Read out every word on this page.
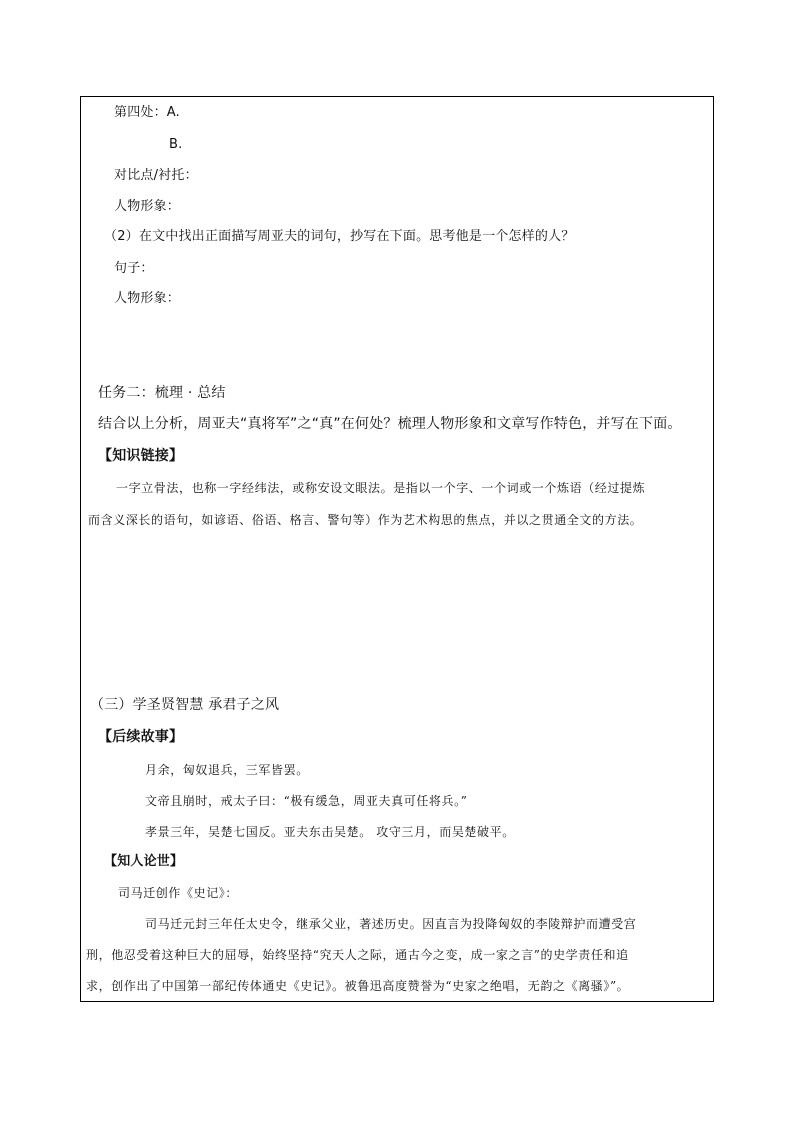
第四处：A.
B.
对比点/衬托：
人物形象：
（2）在文中找出正面描写周亚夫的词句，抄写在下面。思考他是一个怎样的人？
句子：
人物形象：
任务二：梳理 · 总结
结合以上分析，周亚夫“真将军”之“真”在何处？梳理人物形象和文章写作特色，并写在下面。
【知识链接】
一字立骨法，也称一字经纬法，或称安设文眼法。是指以一个字、一个词或一个炼语（经过提炼
而含义深长的语句，如谚语、俗语、格言、警句等）作为艺术构思的焦点，并以之贯通全文的方法。
（三）学圣贤智慧 承君子之风
【后续故事】
月余，匈奴退兵，三军皆罢。
文帝且崩时，戒太子曰：“极有缓急，周亚夫真可任将兵。”
孝景三年，吴楚七国反。亚夫东击吴楚。 攻守三月，而吴楚破平。
【知人论世】
司马迁创作《史记》：
司马迁元封三年任太史令，继承父业，著述历史。因直言为投降匈奴的李陵辩护而遭受宫
刑，他忍受着这种巨大的屈辱，始终坚持“究天人之际，通古今之变，成一家之言”的史学责任和追
求，创作出了中国第一部纪传体通史《史记》。被鲁迅高度赞誉为“史家之绝唱，无韵之《离骚》”。
